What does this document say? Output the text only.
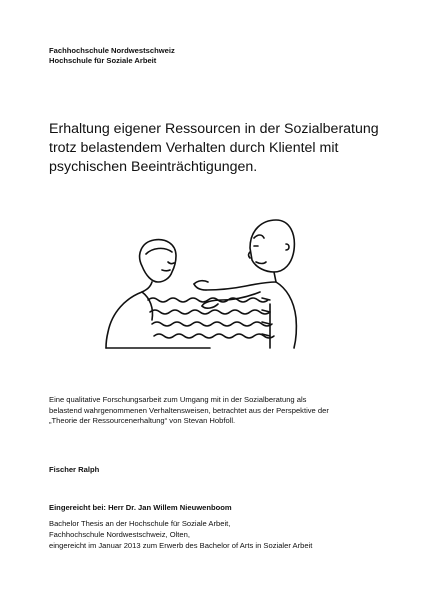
Fachhochschule Nordwestschweiz
Hochschule für Soziale Arbeit
Erhaltung eigener Ressourcen in der Sozialberatung
trotz belastendem Verhalten durch Klientel mit
psychischen Beeinträchtigungen.
Eine qualitative Forschungsarbeit zum Umgang mit in der Sozialberatung als
belastend wahrgenommenen Verhaltensweisen, betrachtet aus der Perspektive der
„Theorie der Ressourcenerhaltung“ von Stevan Hobfoll.
Fischer Ralph
Eingereicht bei: Herr Dr. Jan Willem Nieuwenboom
Bachelor Thesis an der Hochschule für Soziale Arbeit,
Fachhochschule Nordwestschweiz, Olten,
eingereicht im Januar 2013 zum Erwerb des Bachelor of Arts in Sozialer Arbeit
